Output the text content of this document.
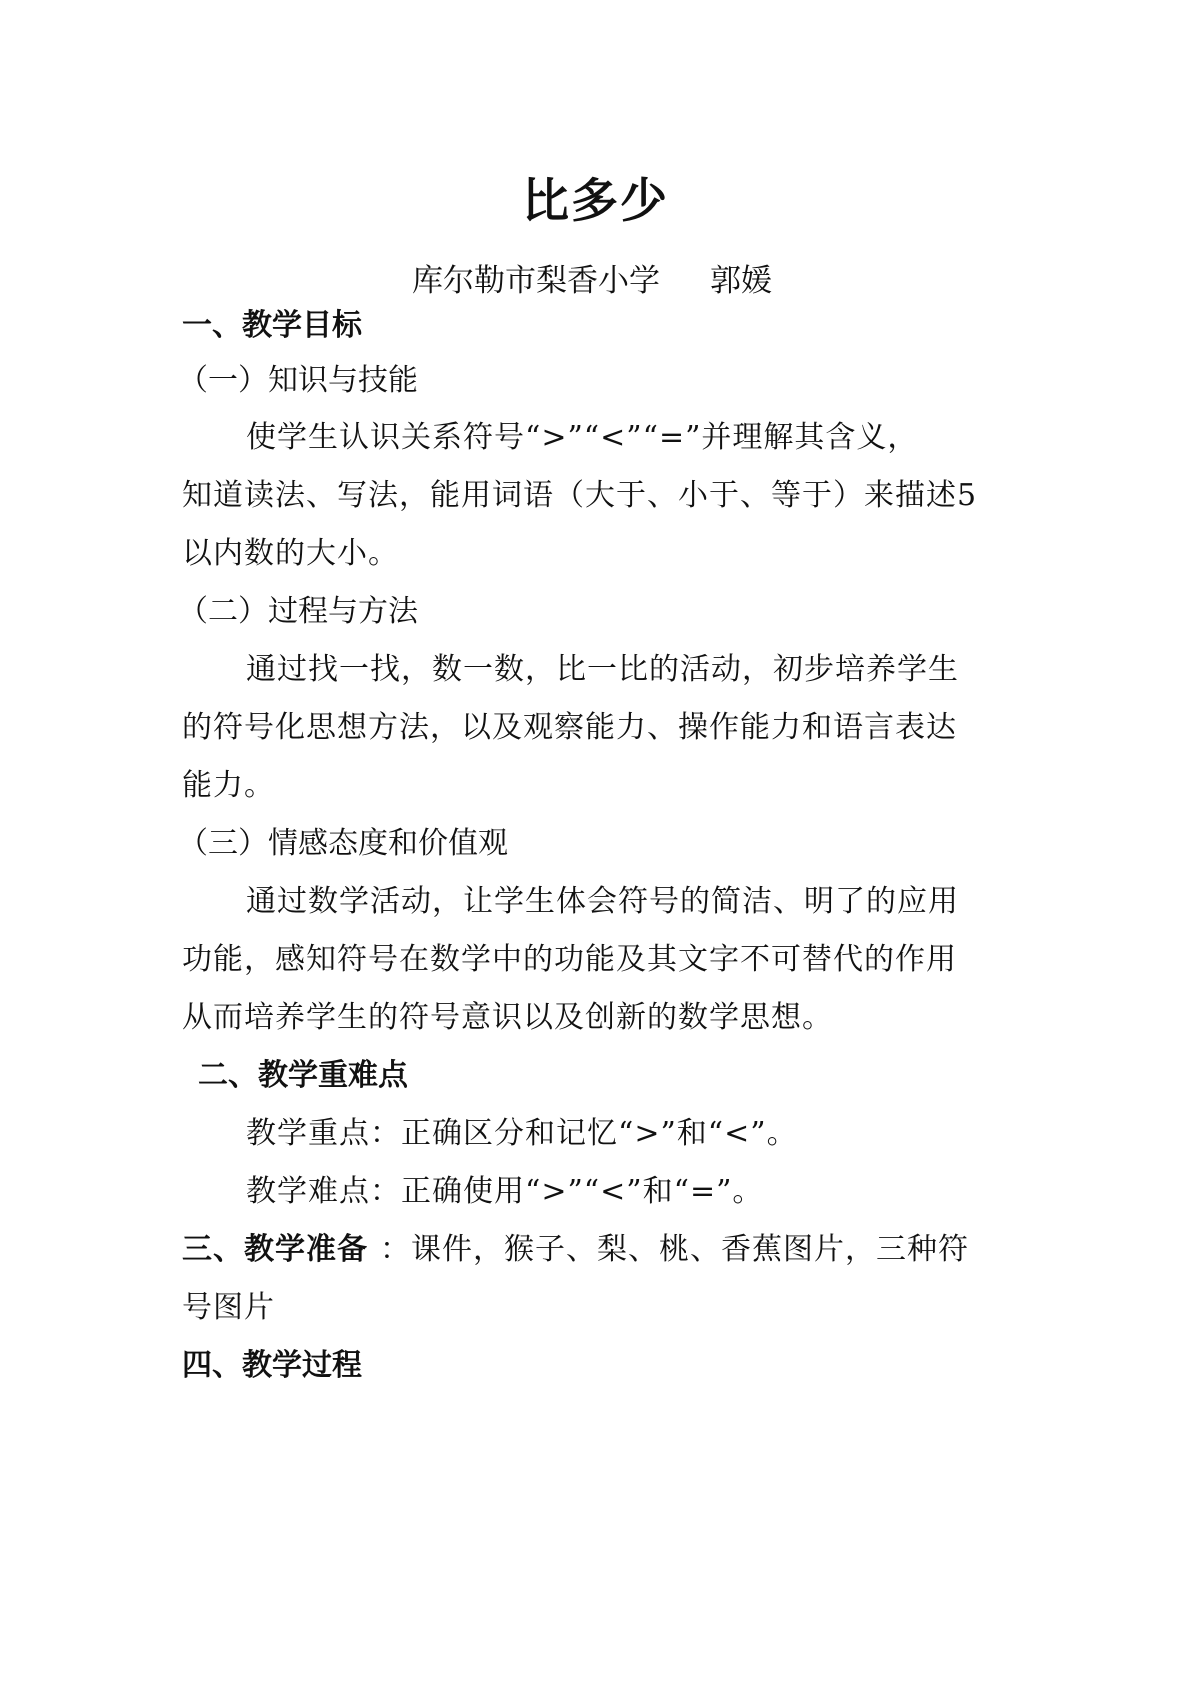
比多少
库尔勒市梨香小学 郭媛
一、教学目标
（一）知识与技能
使学生认识关系符号“>”“<”“=”并理解其含义，
知道读法、写法，能用词语（大于、小于、等于）来描述5
以内数的大小。
（二）过程与方法
通过找一找，数一数，比一比的活动，初步培养学生
的符号化思想方法，以及观察能力、操作能力和语言表达
能力。
（三）情感态度和价值观
通过数学活动，让学生体会符号的简洁、明了的应用
功能，感知符号在数学中的功能及其文字不可替代的作用
从而培养学生的符号意识以及创新的数学思想。
二、教学重难点
教学重点：正确区分和记忆“>”和“<”。
教学难点：正确使用“>”“<”和“=”。
三、教学准备 ：课件，猴子、梨、桃、香蕉图片，三种符
号图片
四、教学过程
